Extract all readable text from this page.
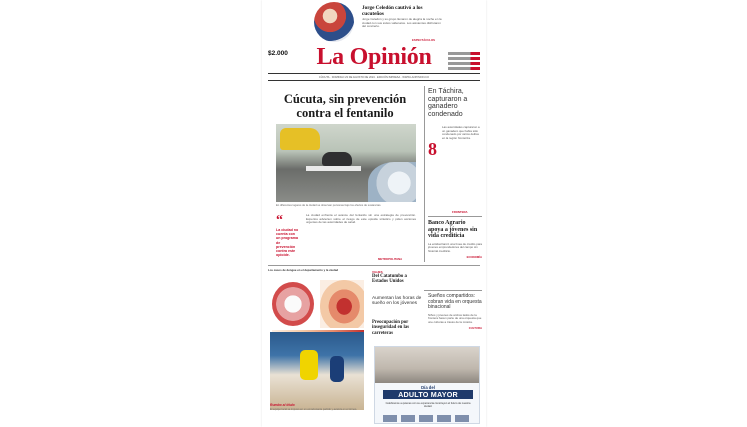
Jorge Celedón cautivó a los cucuteños
Jorge Celedón y su grupo llenaron de alegría la noche en la ciudad con sus éxitos vallenatos. Los asistentes disfrutaron del concierto.
ESPECTÁCULOS
$2.000 La Opinión
CÚCUTA · DOMINGO 23 DE AGOSTO DE 2024 · EDICIÓN IMPRESA · WWW.LAOPINION.CO
Cúcuta, sin prevención contra el fentanilo
En diferentes lugares de la ciudad se observan personas bajo los efectos de sustancias.
“
La ciudad no cuenta con un programa de prevención contra este opioide.
La ciudad enfrenta el avance del fentanilo sin una estrategia de prevención. Expertos advierten sobre el riesgo de este opioide sintético y piden acciones urgentes de las autoridades de salud.
METROPOLITANA
En Táchira, capturaron a ganadero condenado
8
Las autoridades capturaron a un ganadero que había sido condenado por varios delitos en la región fronteriza.
FRONTERA
Banco Agrario apoya a jóvenes sin vida crediticia
La entidad lanzó una línea de crédito para jóvenes emprendedores del campo sin historial crediticio.
ECONOMÍA
Sueños compartidos: cobran vida en orquesta binacional
Niños y jóvenes de ambos lados de la frontera hacen parte de una orquesta que une culturas a través de la música.
CULTURA
Los casos de dengue en el departamento y la ciudad	VIAJES
Del Catatumbo a Estados Unidos
Aumentan las horas de sueño en los jóvenes
Preocupación por inseguridad en las carreteras
Rumbo al título
El equipo local se impuso en un emocionante partido y avanza en el torneo.
Día del
ADULTO MAYOR
Celebramos a quienes con su experiencia construyen el futuro de nuestra ciudad.
